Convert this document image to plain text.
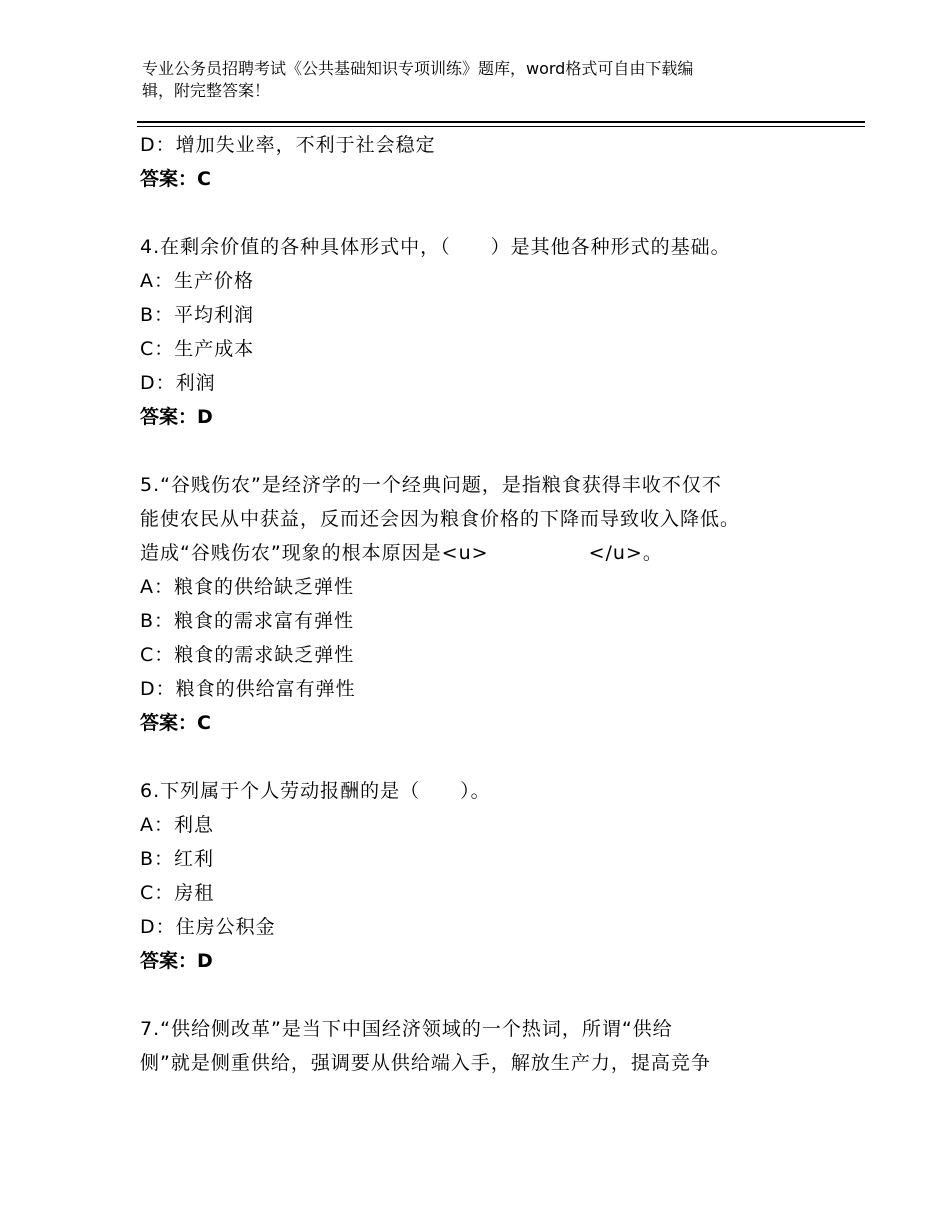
专业公务员招聘考试《公共基础知识专项训练》题库，word格式可自由下载编
辑，附完整答案！
D：增加失业率，不利于社会稳定
答案：C
4.在剩余价值的各种具体形式中，（　　）是其他各种形式的基础。
A：生产价格
B：平均利润
C：生产成本
D：利润
答案：D
5.“谷贱伤农”是经济学的一个经典问题，是指粮食获得丰收不仅不
能使农民从中获益，反而还会因为粮食价格的下降而导致收入降低。
造成“谷贱伤农”现象的根本原因是<u>　　　　　</u>。
A：粮食的供给缺乏弹性
B：粮食的需求富有弹性
C：粮食的需求缺乏弹性
D：粮食的供给富有弹性
答案：C
6.下列属于个人劳动报酬的是（　　）。
A：利息
B：红利
C：房租
D：住房公积金
答案：D
7.“供给侧改革”是当下中国经济领域的一个热词，所谓“供给
侧”就是侧重供给，强调要从供给端入手，解放生产力，提高竞争
